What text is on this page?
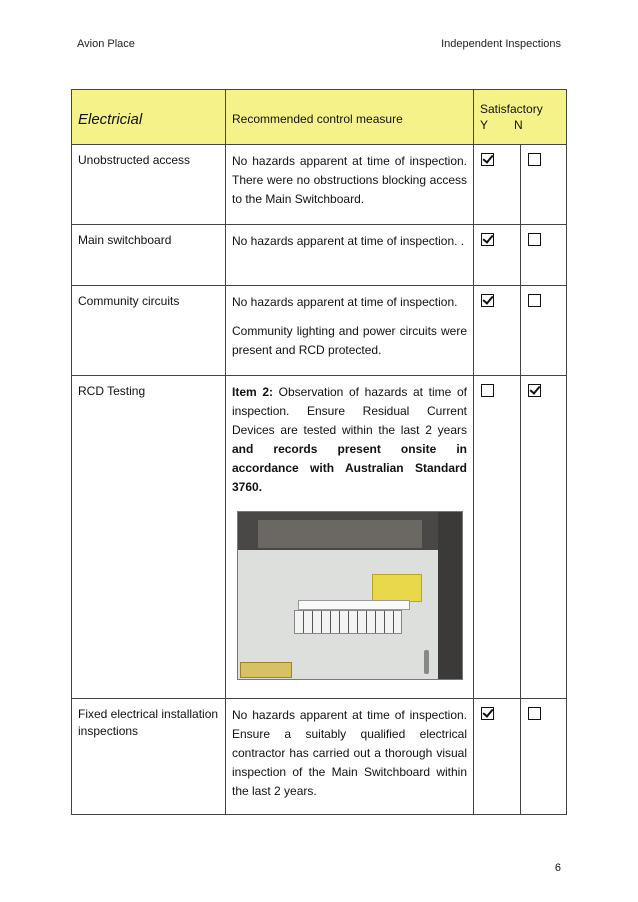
Avion Place	Independent Inspections
Electricial	Recommended control measure	Satisfactory
Y N	

Unobstructed access	No hazards apparent at time of inspection. There were no obstructions blocking access to the Main Switchboard.		

Main switchboard	No hazards apparent at time of inspection. .		

Community circuits	No hazards apparent at time of inspection.

Community lighting and power circuits were present and RCD protected.		

RCD Testing	Item 2: Observation of hazards at time of inspection. Ensure Residual Current Devices are tested within the last 2 years and records present onsite in accordance with Australian Standard 3760.		

Fixed electrical installation inspections	No hazards apparent at time of inspection. Ensure a suitably qualified electrical contractor has carried out a thorough visual inspection of the Main Switchboard within the last 2 years.		

6
